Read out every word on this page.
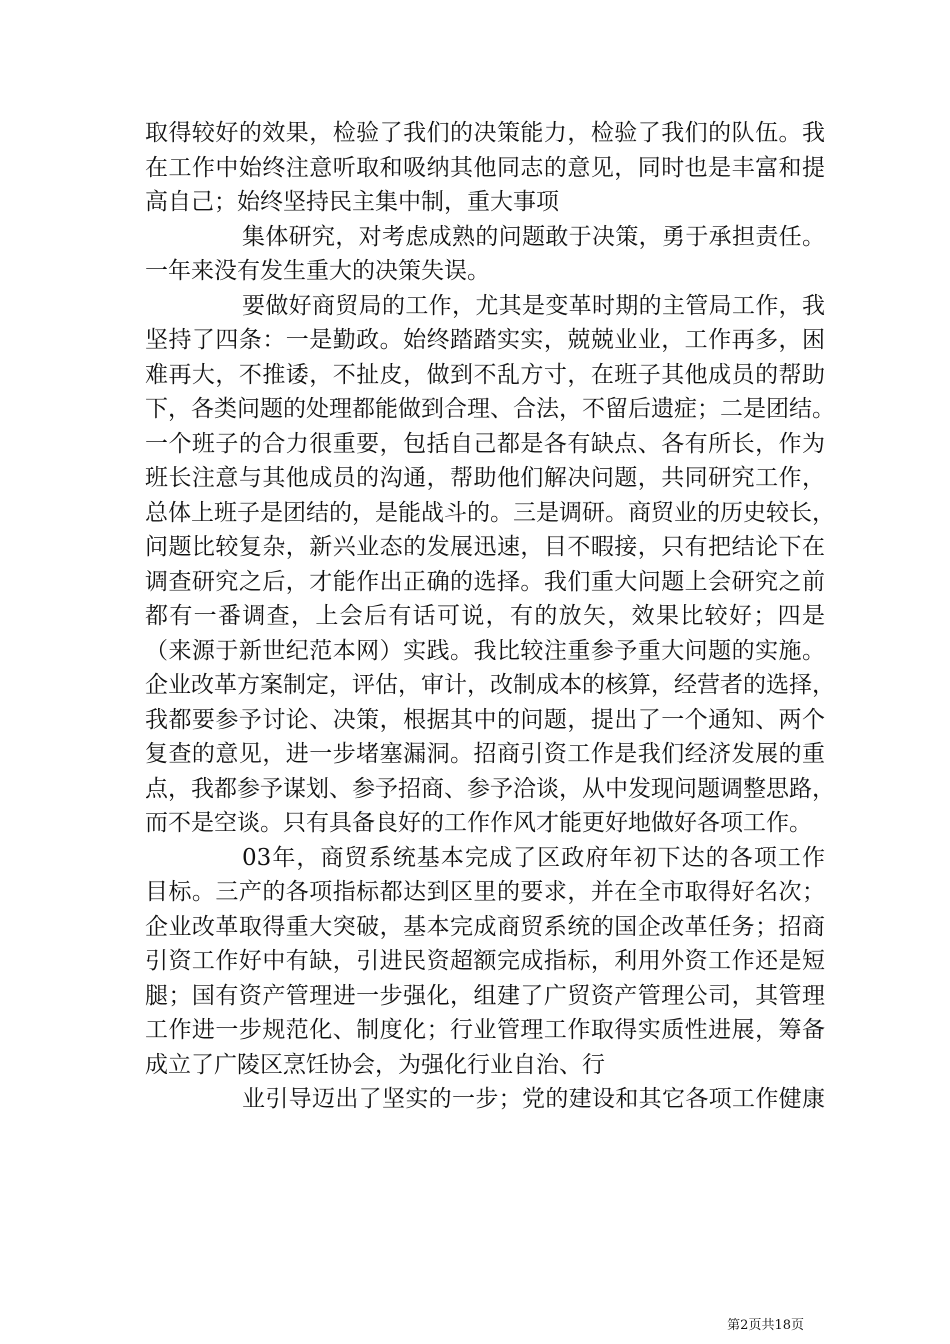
取得较好的效果，检验了我们的决策能力，检验了我们的队伍。我
在工作中始终注意听取和吸纳其他同志的意见，同时也是丰富和提
高自己；始终坚持民主集中制，重大事项
集体研究，对考虑成熟的问题敢于决策，勇于承担责任。
一年来没有发生重大的决策失误。
要做好商贸局的工作，尤其是变革时期的主管局工作，我
坚持了四条：一是勤政。始终踏踏实实，兢兢业业，工作再多，困
难再大，不推诿，不扯皮，做到不乱方寸，在班子其他成员的帮助
下，各类问题的处理都能做到合理、合法，不留后遗症；二是团结。
一个班子的合力很重要，包括自己都是各有缺点、各有所长，作为
班长注意与其他成员的沟通，帮助他们解决问题，共同研究工作，
总体上班子是团结的，是能战斗的。三是调研。商贸业的历史较长，
问题比较复杂，新兴业态的发展迅速，目不暇接，只有把结论下在
调查研究之后，才能作出正确的选择。我们重大问题上会研究之前
都有一番调查，上会后有话可说，有的放矢，效果比较好；四是
（来源于新世纪范本网）实践。我比较注重参予重大问题的实施。
企业改革方案制定，评估，审计，改制成本的核算，经营者的选择，
我都要参予讨论、决策，根据其中的问题，提出了一个通知、两个
复查的意见，进一步堵塞漏洞。招商引资工作是我们经济发展的重
点，我都参予谋划、参予招商、参予洽谈，从中发现问题调整思路，
而不是空谈。只有具备良好的工作作风才能更好地做好各项工作。
03年，商贸系统基本完成了区政府年初下达的各项工作
目标。三产的各项指标都达到区里的要求，并在全市取得好名次；
企业改革取得重大突破，基本完成商贸系统的国企改革任务；招商
引资工作好中有缺，引进民资超额完成指标，利用外资工作还是短
腿；国有资产管理进一步强化，组建了广贸资产管理公司，其管理
工作进一步规范化、制度化；行业管理工作取得实质性进展，筹备
成立了广陵区烹饪协会，为强化行业自治、行
业引导迈出了坚实的一步；党的建设和其它各项工作健康
第2页共18页
